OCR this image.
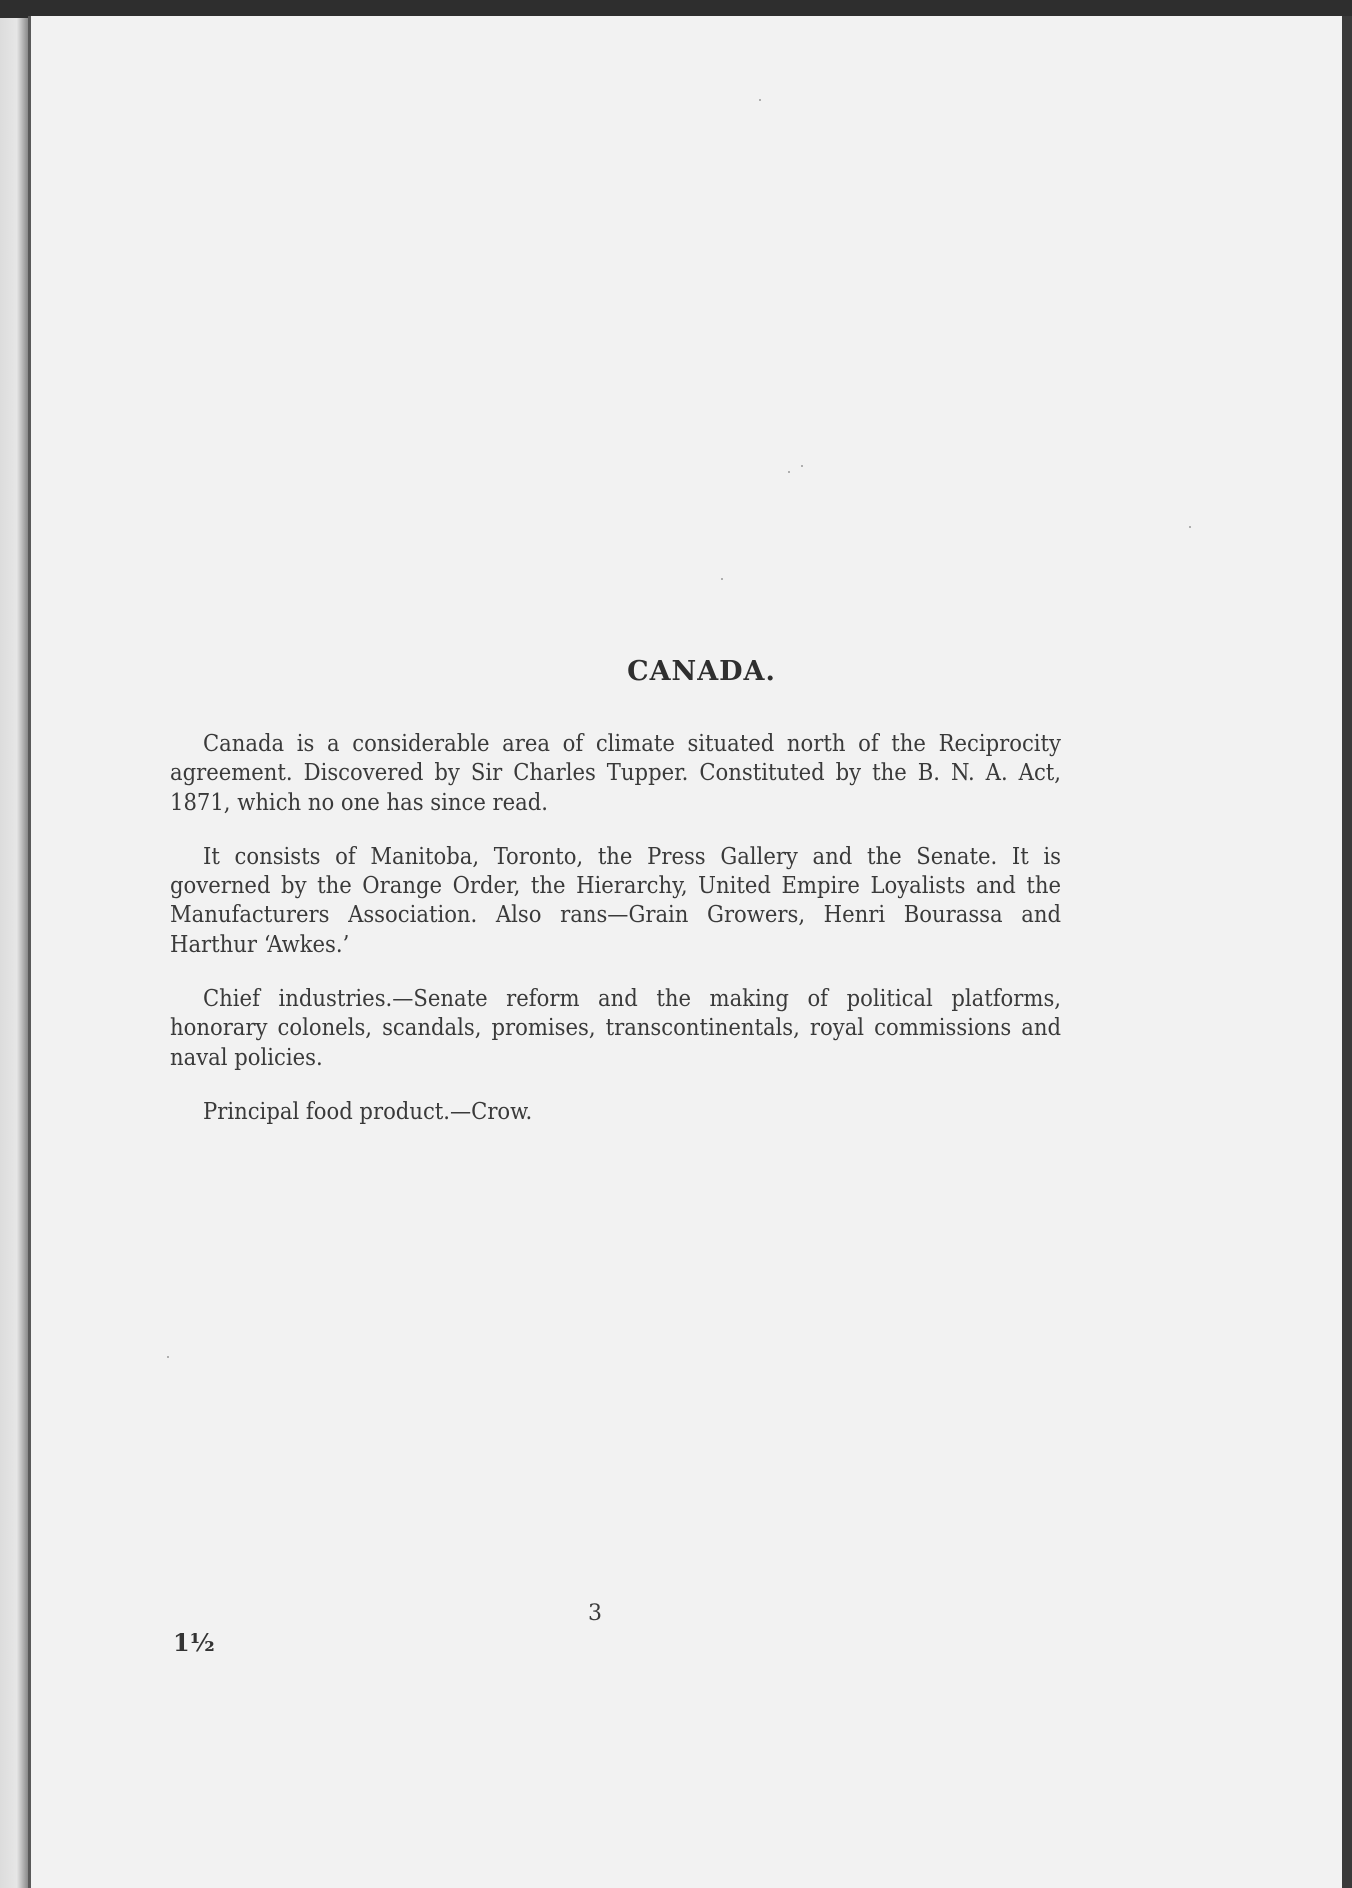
CANADA.

Canada is a considerable area of climate situated north of the Reciprocity agreement. Discovered by Sir Charles Tupper. Constituted by the B. N. A. Act, 1871, which no one has since read.

It consists of Manitoba, Toronto, the Press Gallery and the Senate. It is governed by the Orange Order, the Hierarchy, United Empire Loyalists and the Manufacturers Association. Also rans—Grain Growers, Henri Bourassa and Harthur ‘Awkes.’

Chief industries.—Senate reform and the making of political platforms, honorary colonels, scandals, promises, transcontinentals, royal commissions and naval policies.

Principal food product.—Crow.

3
1½
